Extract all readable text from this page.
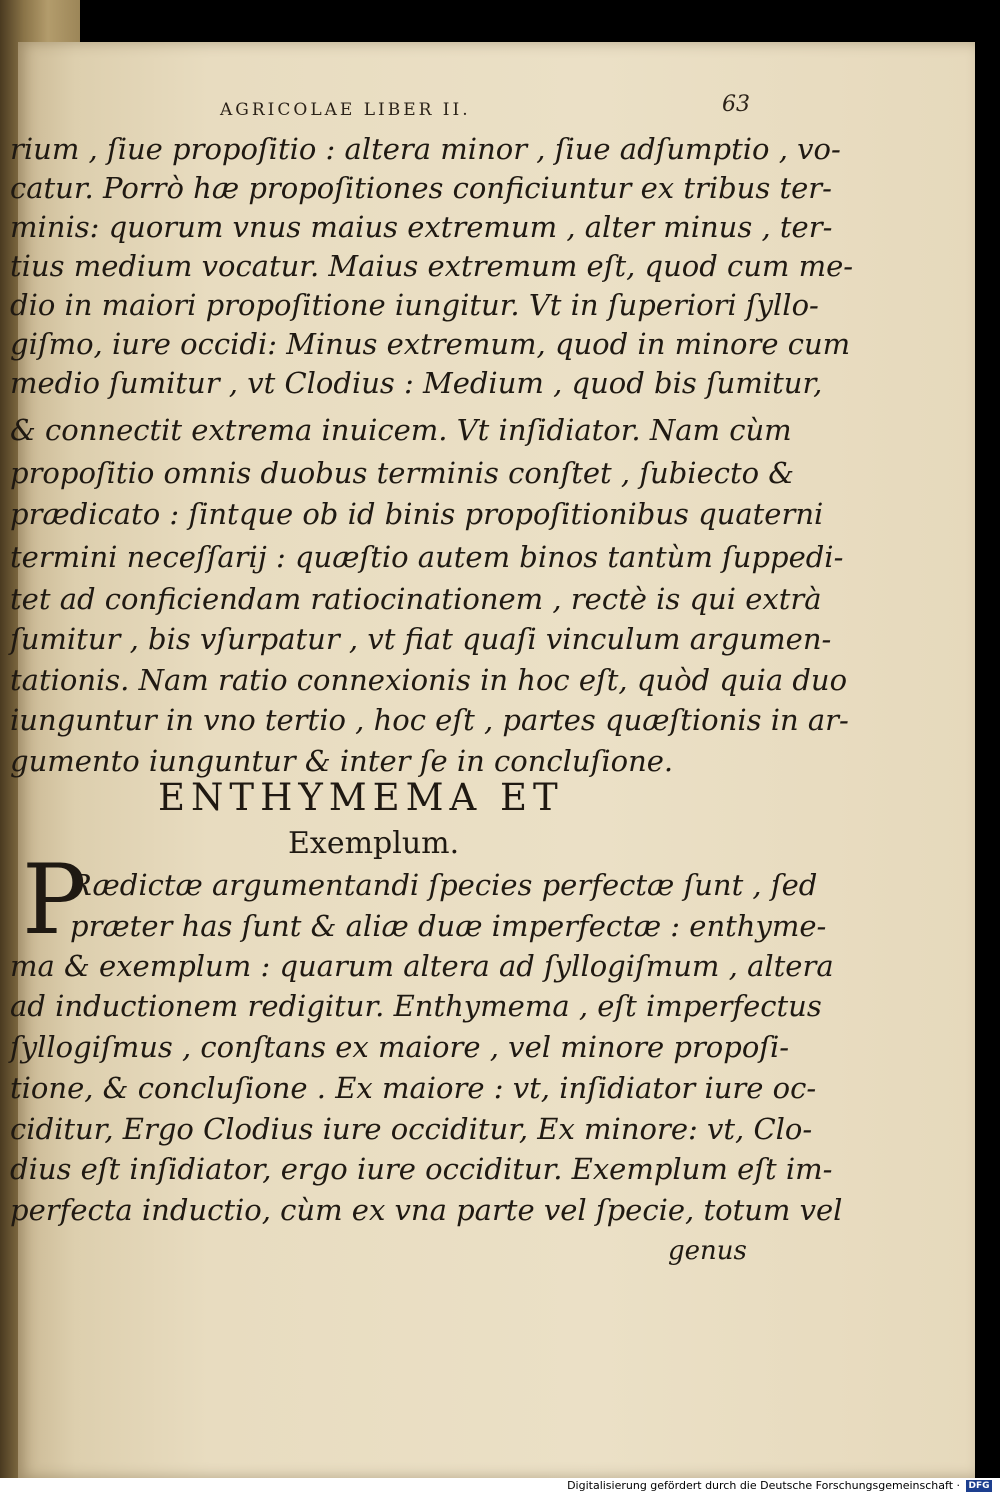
AGRICOLAE LIBER II.	63
rium , ſiue propoſitio : altera minor , ſiue adſumptio , vo-
catur. Porrò hæ propoſitiones conficiuntur ex tribus ter-
minis: quorum vnus maius extremum , alter minus , ter-
tius medium vocatur. Maius extremum eſt, quod cum me-
dio in maiori propoſitione iungitur. Vt in ſuperiori ſyllo-
giſmo, iure occidi: Minus extremum, quod in minore cum
medio ſumitur , vt Clodius : Medium , quod bis ſumitur,
& connectit extrema inuicem. Vt inſidiator. Nam cùm
propoſitio omnis duobus terminis conſtet , ſubiecto &
prædicato : ſintque ob id binis propoſitionibus quaterni
termini neceſſarij : quæſtio autem binos tantùm ſuppedi-
tet ad conficiendam ratiocinationem , rectè is qui extrà
ſumitur , bis vſurpatur , vt fiat quaſi vinculum argumen-
tationis. Nam ratio connexionis in hoc eſt, quòd quia duo
iunguntur in vno tertio , hoc eſt , partes quæſtionis in ar-
gumento iunguntur & inter ſe in concluſione.
ENTHYMEMA ET
Exemplum.
P
Rædictæ argumentandi ſpecies perfectæ ſunt , ſed
præter has ſunt & aliæ duæ imperfectæ : enthyme-
ma & exemplum : quarum altera ad ſyllogiſmum , altera
ad inductionem redigitur. Enthymema , eſt imperfectus
ſyllogiſmus , conſtans ex maiore , vel minore propoſi-
tione, & concluſione . Ex maiore : vt, inſidiator iure oc-
ciditur, Ergo Clodius iure occiditur, Ex minore: vt, Clo-
dius eſt inſidiator, ergo iure occiditur. Exemplum eſt im-
perfecta inductio, cùm ex vna parte vel ſpecie, totum vel
genus
Digitalisierung gefördert durch die Deutsche Forschungsgemeinschaft · DFG
